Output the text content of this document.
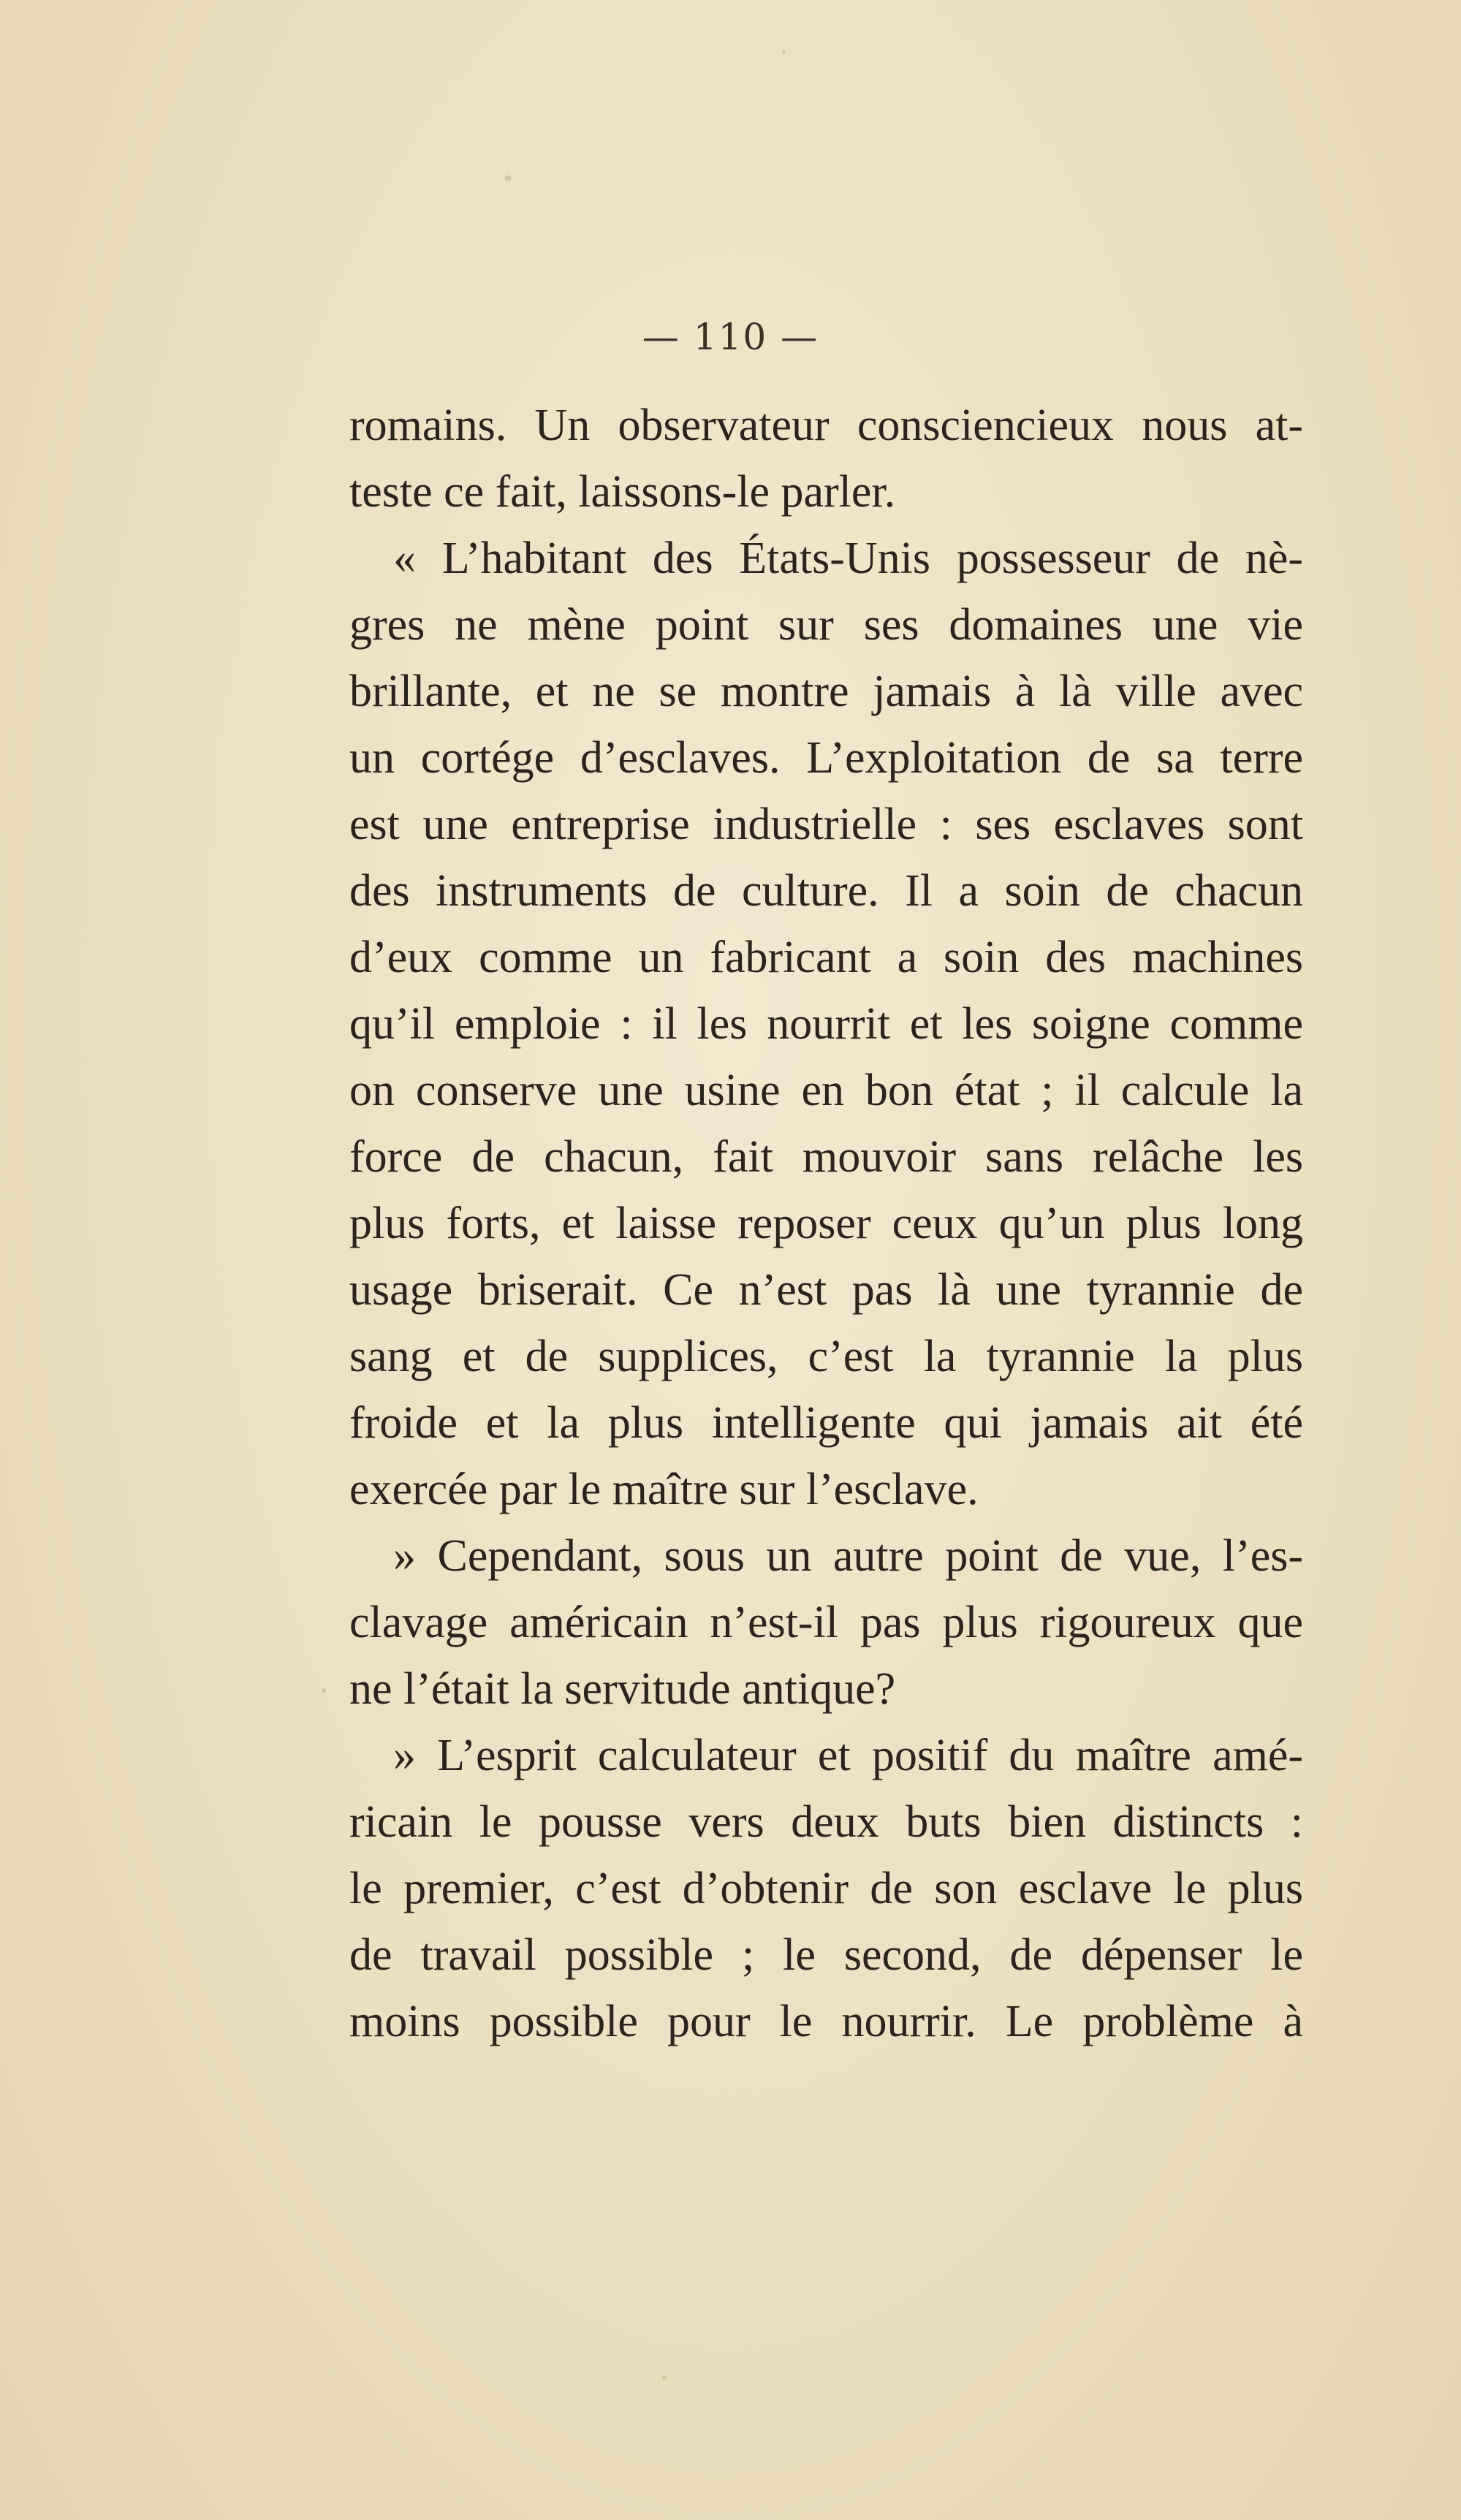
— 110 —
romains. Un observateur consciencieux nous at-
teste ce fait, laissons-le parler.
« L’habitant des États-Unis possesseur de nè-
gres ne mène point sur ses domaines une vie
brillante, et ne se montre jamais à là ville avec
un cortége d’esclaves. L’exploitation de sa terre
est une entreprise industrielle : ses esclaves sont
des instruments de culture. Il a soin de chacun
d’eux comme un fabricant a soin des machines
qu’il emploie : il les nourrit et les soigne comme
on conserve une usine en bon état ; il calcule la
force de chacun, fait mouvoir sans relâche les
plus forts, et laisse reposer ceux qu’un plus long
usage briserait. Ce n’est pas là une tyrannie de
sang et de supplices, c’est la tyrannie la plus
froide et la plus intelligente qui jamais ait été
exercée par le maître sur l’esclave.
» Cependant, sous un autre point de vue, l’es-
clavage américain n’est-il pas plus rigoureux que
ne l’était la servitude antique?
» L’esprit calculateur et positif du maître amé-
ricain le pousse vers deux buts bien distincts :
le premier, c’est d’obtenir de son esclave le plus
de travail possible ; le second, de dépenser le
moins possible pour le nourrir. Le problème à
